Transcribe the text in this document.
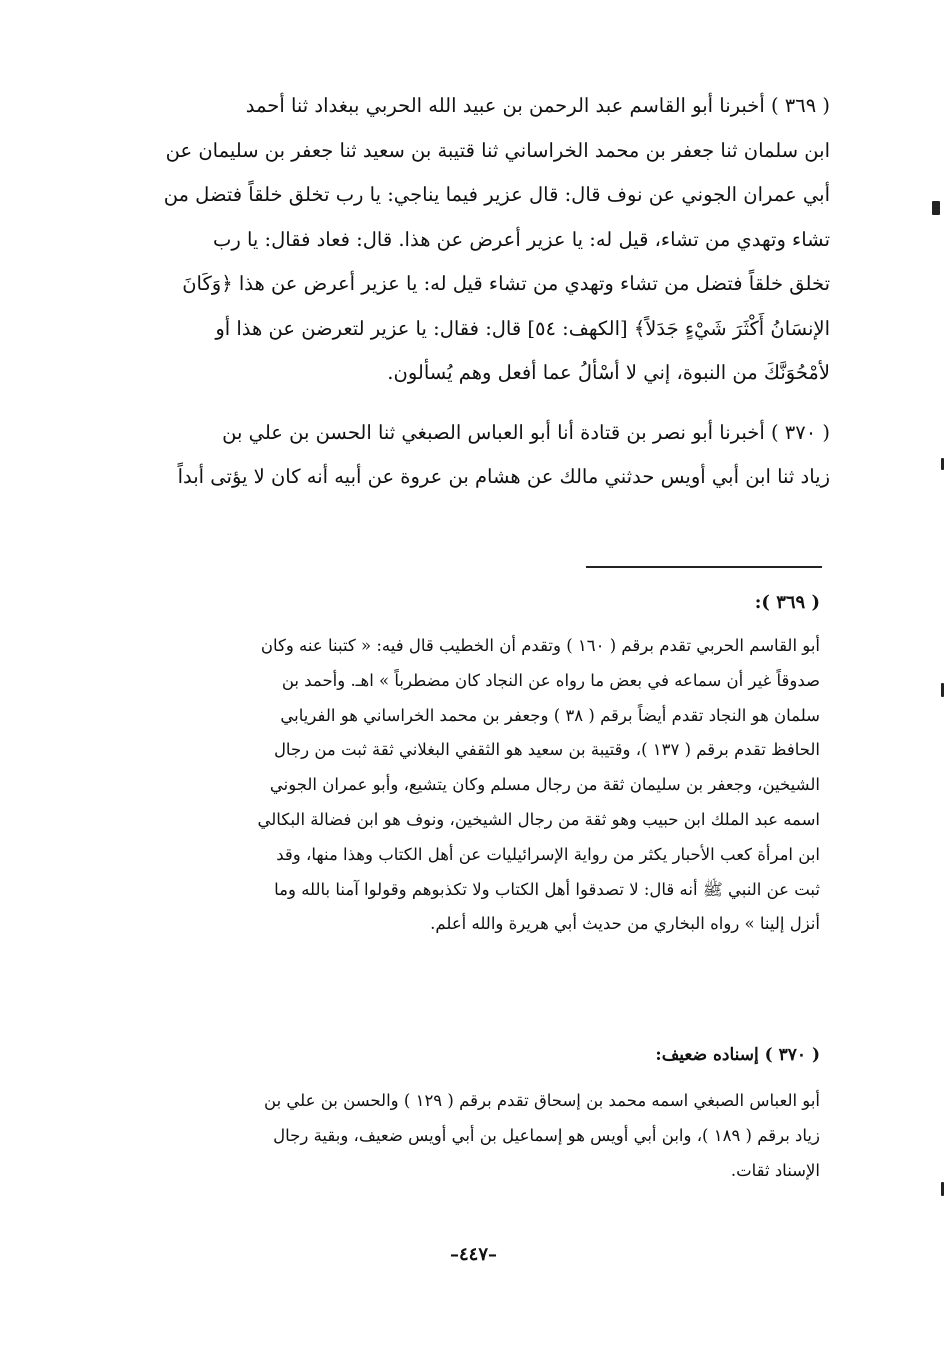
( ٣٦٩ ) أخبرنا أبو القاسم عبد الرحمن بن عبيد الله الحربي ببغداد ثنا أحمد
ابن سلمان ثنا جعفر بن محمد الخراساني ثنا قتيبة بن سعيد ثنا جعفر بن سليمان عن
أبي عمران الجوني عن نوف قال: قال عزير فيما يناجي: يا رب تخلق خلقاً فتضل من
تشاء وتهدي من تشاء، قيل له: يا عزير أعرض عن هذا. قال: فعاد فقال: يا رب
تخلق خلقاً فتضل من تشاء وتهدي من تشاء قيل له: يا عزير أعرض عن هذا ﴿وَكَانَ
الإنسَانُ أَكْثَرَ شَيْءٍ جَدَلاً﴾ [الكهف: ٥٤] قال: فقال: يا عزير لتعرضن عن هذا أو
لأمْحُوَنَّكَ من النبوة، إني لا أسْألُ عما أفعل وهم يُسألون.
( ٣٧٠ ) أخبرنا أبو نصر بن قتادة أنا أبو العباس الصبغي ثنا الحسن بن علي بن
زياد ثنا ابن أبي أويس حدثني مالك عن هشام بن عروة عن أبيه أنه كان لا يؤتى أبداً
( ٣٦٩ ):
أبو القاسم الحربي تقدم برقم ( ١٦٠ ) وتقدم أن الخطيب قال فيه: « كتبنا عنه وكان
صدوقاً غير أن سماعه في بعض ما رواه عن النجاد كان مضطرباً » اهـ. وأحمد بن
سلمان هو النجاد تقدم أيضاً برقم ( ٣٨ ) وجعفر بن محمد الخراساني هو الفريابي
الحافظ تقدم برقم ( ١٣٧ )، وقتيبة بن سعيد هو الثقفي البغلاني ثقة ثبت من رجال
الشيخين، وجعفر بن سليمان ثقة من رجال مسلم وكان يتشيع، وأبو عمران الجوني
اسمه عبد الملك ابن حبيب وهو ثقة من رجال الشيخين، ونوف هو ابن فضالة البكالي
ابن امرأة كعب الأحبار يكثر من رواية الإسرائيليات عن أهل الكتاب وهذا منها، وقد
ثبت عن النبي ﷺ أنه قال: لا تصدقوا أهل الكتاب ولا تكذبوهم وقولوا آمنا بالله وما
أنزل إلينا » رواه البخاري من حديث أبي هريرة والله أعلم.
( ٣٧٠ ) إسناده ضعيف:
أبو العباس الصبغي اسمه محمد بن إسحاق تقدم برقم ( ١٢٩ ) والحسن بن علي بن
زياد برقم ( ١٨٩ )، وابن أبي أويس هو إسماعيل بن أبي أويس ضعيف، وبقية رجال
الإسناد ثقات.
–٤٤٧–
